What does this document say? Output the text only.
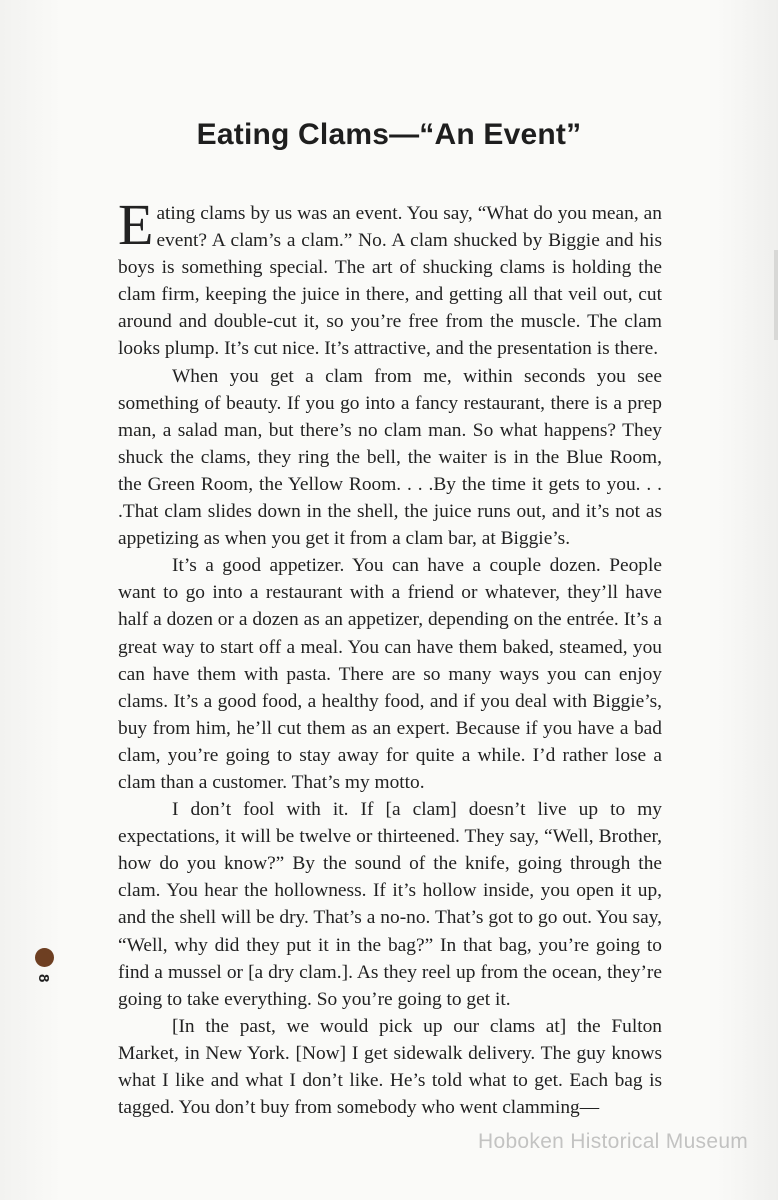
Eating Clams—“An Event”

Eating clams by us was an event. You say, “What do you mean, an event? A clam’s a clam.” No. A clam shucked by Biggie and his boys is something special. The art of shucking clams is holding the clam firm, keeping the juice in there, and getting all that veil out, cut around and double-cut it, so you’re free from the muscle. The clam looks plump. It’s cut nice. It’s attractive, and the presentation is there.

When you get a clam from me, within seconds you see something of beauty. If you go into a fancy restaurant, there is a prep man, a salad man, but there’s no clam man. So what happens? They shuck the clams, they ring the bell, the waiter is in the Blue Room, the Green Room, the Yellow Room. . . .By the time it gets to you. . . .That clam slides down in the shell, the juice runs out, and it’s not as appetizing as when you get it from a clam bar, at Biggie’s.

It’s a good appetizer. You can have a couple dozen. People want to go into a restaurant with a friend or whatever, they’ll have half a dozen or a dozen as an appetizer, depending on the entrée. It’s a great way to start off a meal. You can have them baked, steamed, you can have them with pasta. There are so many ways you can enjoy clams. It’s a good food, a healthy food, and if you deal with Biggie’s, buy from him, he’ll cut them as an expert. Because if you have a bad clam, you’re going to stay away for quite a while. I’d rather lose a clam than a customer. That’s my motto.

I don’t fool with it. If [a clam] doesn’t live up to my expectations, it will be twelve or thirteened. They say, “Well, Brother, how do you know?” By the sound of the knife, going through the clam. You hear the hollowness. If it’s hollow inside, you open it up, and the shell will be dry. That’s a no-no. That’s got to go out. You say, “Well, why did they put it in the bag?” In that bag, you’re going to find a mussel or [a dry clam.]. As they reel up from the ocean, they’re going to take everything. So you’re going to get it.

[In the past, we would pick up our clams at] the Fulton Market, in New York. [Now] I get sidewalk delivery. The guy knows what I like and what I don’t like. He’s told what to get. Each bag is tagged. You don’t buy from somebody who went clamming—

8
Hoboken Historical Museum
